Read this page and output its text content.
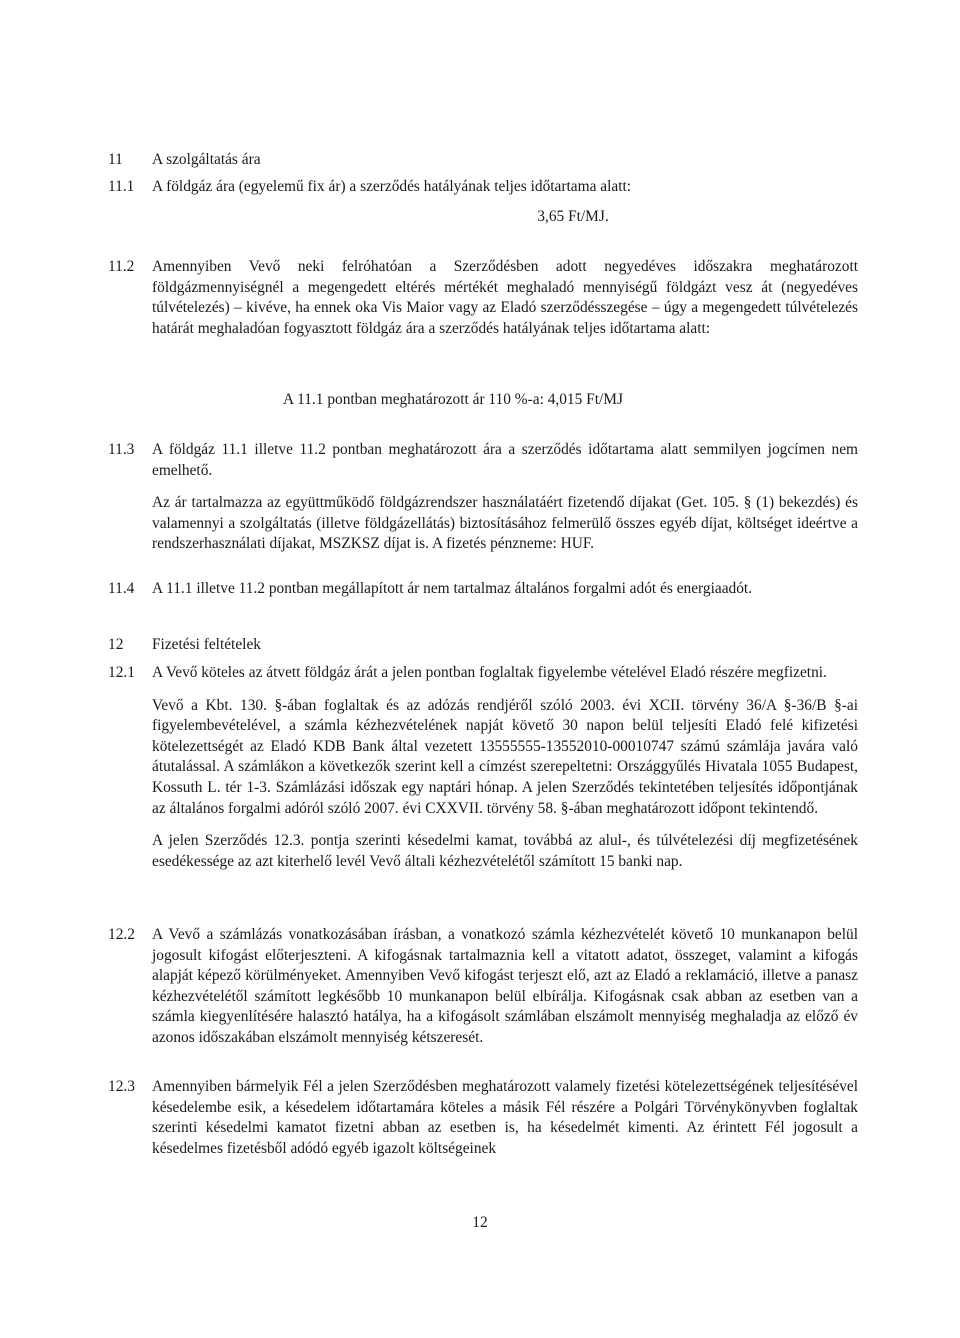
11	A szolgáltatás ára

11.1	A földgáz ára (egyelemű fix ár) a szerződés hatályának teljes időtartama alatt:

3,65 Ft/MJ.
11.2	Amennyiben Vevő neki felróhatóan a Szerződésben adott negyedéves időszakra meghatározott földgázmennyiségnél a megengedett eltérés mértékét meghaladó mennyiségű földgázt vesz át (negyedéves túlvételezés) – kivéve, ha ennek oka Vis Maior vagy az Eladó szerződésszegése – úgy a megengedett túlvételezés határát meghaladóan fogyasztott földgáz ára a szerződés hatályának teljes időtartama alatt:

A 11.1 pontban meghatározott ár 110 %-a: 4,015 Ft/MJ
11.3	A földgáz 11.1 illetve 11.2 pontban meghatározott ára a szerződés időtartama alatt semmilyen jogcímen nem emelhető.

Az ár tartalmazza az együttműködő földgázrendszer használatáért fizetendő díjakat (Get. 105. § (1) bekezdés) és valamennyi a szolgáltatás (illetve földgázellátás) biztosításához felmerülő összes egyéb díjat, költséget ideértve a rendszerhasználati díjakat, MSZKSZ díjat is. A fizetés pénzneme: HUF.

11.4	A 11.1 illetve 11.2 pontban megállapított ár nem tartalmaz általános forgalmi adót és energiaadót.

12	Fizetési feltételek

12.1	A Vevő köteles az átvett földgáz árát a jelen pontban foglaltak figyelembe vételével Eladó részére megfizetni.

Vevő a Kbt. 130. §-ában foglaltak és az adózás rendjéről szóló 2003. évi XCII. törvény 36/A §-36/B §-ai figyelembevételével, a számla kézhezvételének napját követő 30 napon belül teljesíti Eladó felé kifizetési kötelezettségét az Eladó KDB Bank által vezetett 13555555-13552010-00010747 számú számlája javára való átutalással. A számlákon a következők szerint kell a címzést szerepeltetni: Országgyűlés Hivatala 1055 Budapest, Kossuth L. tér 1-3. Számlázási időszak egy naptári hónap. A jelen Szerződés tekintetében teljesítés időpontjának az általános forgalmi adóról szóló 2007. évi CXXVII. törvény 58. §-ában meghatározott időpont tekintendő.

A jelen Szerződés 12.3. pontja szerinti késedelmi kamat, továbbá az alul-, és túlvételezési díj megfizetésének esedékessége az azt kiterhelő levél Vevő általi kézhezvételétől számított 15 banki nap.

12.2	A Vevő a számlázás vonatkozásában írásban, a vonatkozó számla kézhezvételét követő 10 munkanapon belül jogosult kifogást előterjeszteni. A kifogásnak tartalmaznia kell a vitatott adatot, összeget, valamint a kifogás alapját képező körülményeket. Amennyiben Vevő kifogást terjeszt elő, azt az Eladó a reklamáció, illetve a panasz kézhezvételétől számított legkésőbb 10 munkanapon belül elbírálja. Kifogásnak csak abban az esetben van a számla kiegyenlítésére halasztó hatálya, ha a kifogásolt számlában elszámolt mennyiség meghaladja az előző év azonos időszakában elszámolt mennyiség kétszeresét.

12.3	Amennyiben bármelyik Fél a jelen Szerződésben meghatározott valamely fizetési kötelezettségének teljesítésével késedelembe esik, a késedelem időtartamára köteles a másik Fél részére a Polgári Törvénykönyvben foglaltak szerinti késedelmi kamatot fizetni abban az esetben is, ha késedelmét kimenti. Az érintett Fél jogosult a késedelmes fizetésből adódó egyéb igazolt költségeinek

12
